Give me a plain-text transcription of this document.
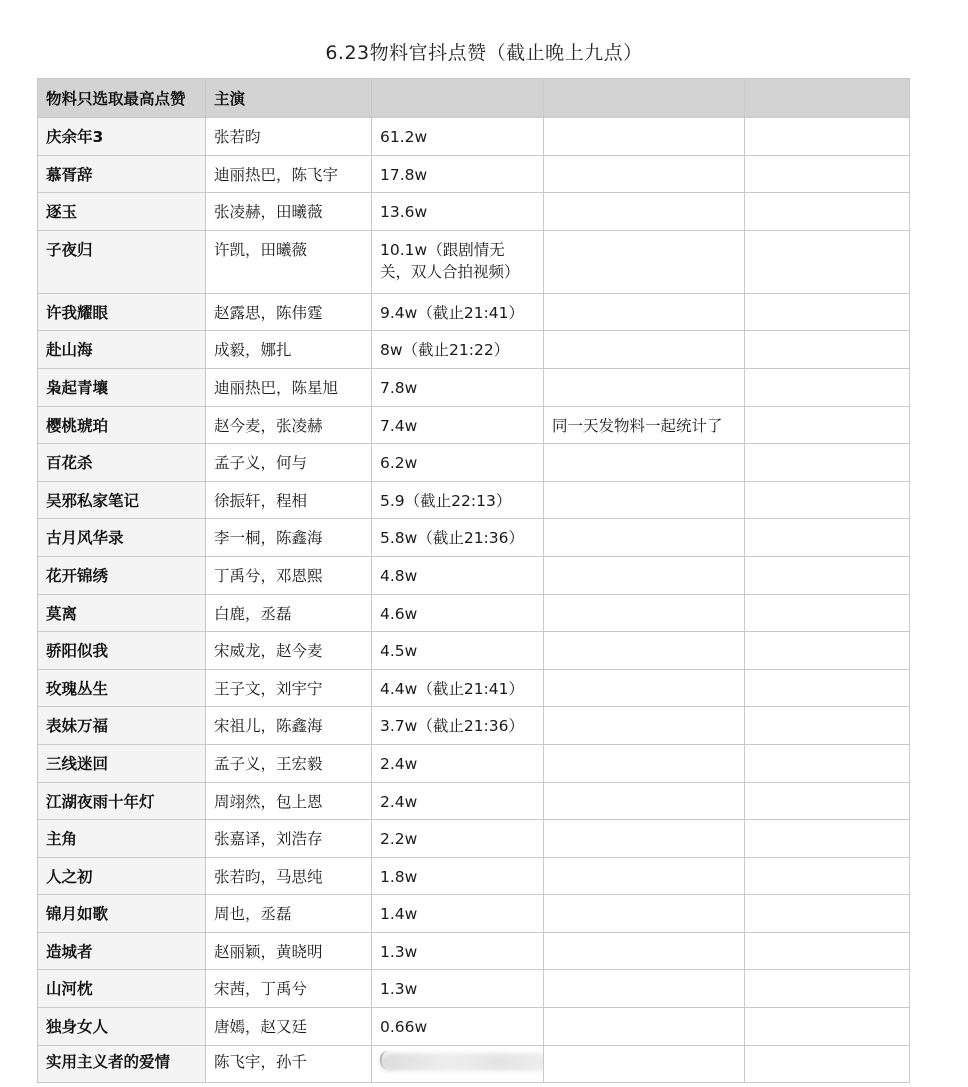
6.23物料官抖点赞（截止晚上九点）
物料只选取最高点赞	主演			
庆余年3	张若昀	61.2w		
慕胥辞	迪丽热巴，陈飞宇	17.8w		
逐玉	张凌赫，田曦薇	13.6w		
子夜归	许凯，田曦薇	10.1w（跟剧情无关，双人合拍视频）		
许我耀眼	赵露思，陈伟霆	9.4w（截止21:41）		
赴山海	成毅，娜扎	8w（截止21:22）		
枭起青壤	迪丽热巴，陈星旭	7.8w		
樱桃琥珀	赵今麦，张凌赫	7.4w	同一天发物料一起统计了	
百花杀	孟子义，何与	6.2w		
吴邪私家笔记	徐振轩，程相	5.9（截止22:13）		
古月风华录	李一桐，陈鑫海	5.8w（截止21:36）		
花开锦绣	丁禹兮，邓恩熙	4.8w		
莫离	白鹿，丞磊	4.6w		
骄阳似我	宋威龙，赵今麦	4.5w		
玫瑰丛生	王子文，刘宇宁	4.4w（截止21:41）		
表妹万福	宋祖儿，陈鑫海	3.7w（截止21:36）		
三线迷回	孟子义，王宏毅	2.4w		
江湖夜雨十年灯	周翊然，包上恩	2.4w		
主角	张嘉译，刘浩存	2.2w		
人之初	张若昀，马思纯	1.8w		
锦月如歌	周也，丞磊	1.4w		
造城者	赵丽颖，黄晓明	1.3w		
山河枕	宋茜，丁禹兮	1.3w		
独身女人	唐嫣，赵又廷	0.66w		
实用主义者的爱情	陈飞宇，孙千	
